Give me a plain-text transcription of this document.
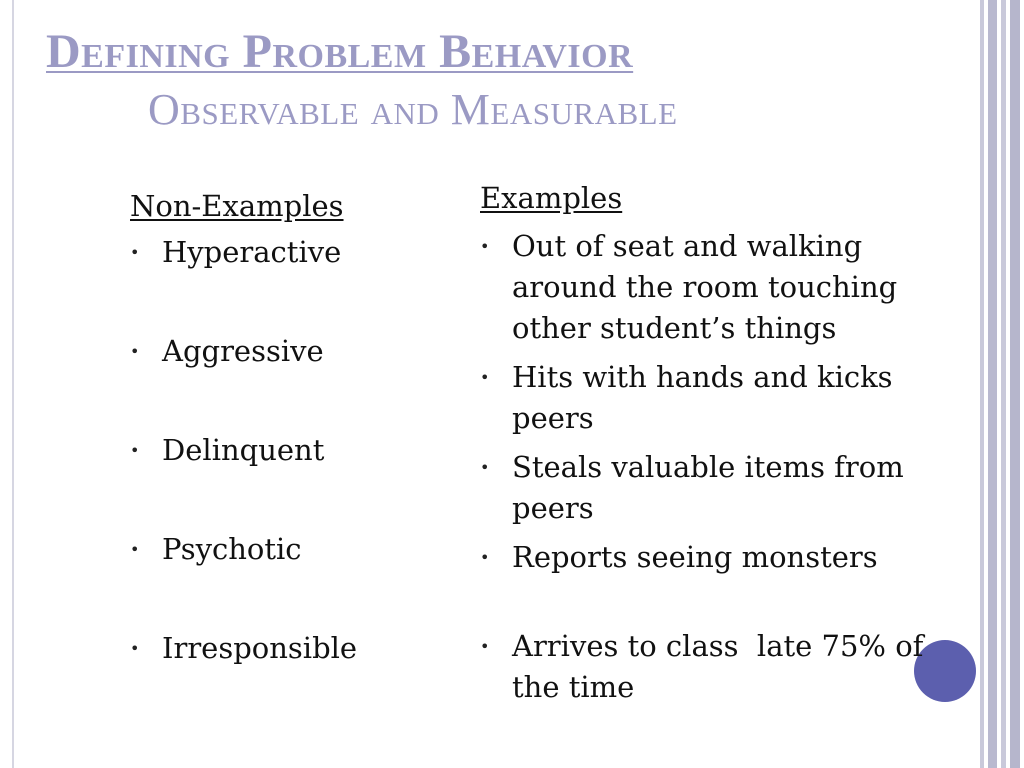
Defining Problem Behavior
Observable and Measurable
Non-Examples
• Hyperactive
• Aggressive
• Delinquent
• Psychotic
• Irresponsible
Examples
• Out of seat and walking around the room touching other student’s things
• Hits with hands and kicks peers
• Steals valuable items from peers
• Reports seeing monsters
• Arrives to class  late 75% of the time
